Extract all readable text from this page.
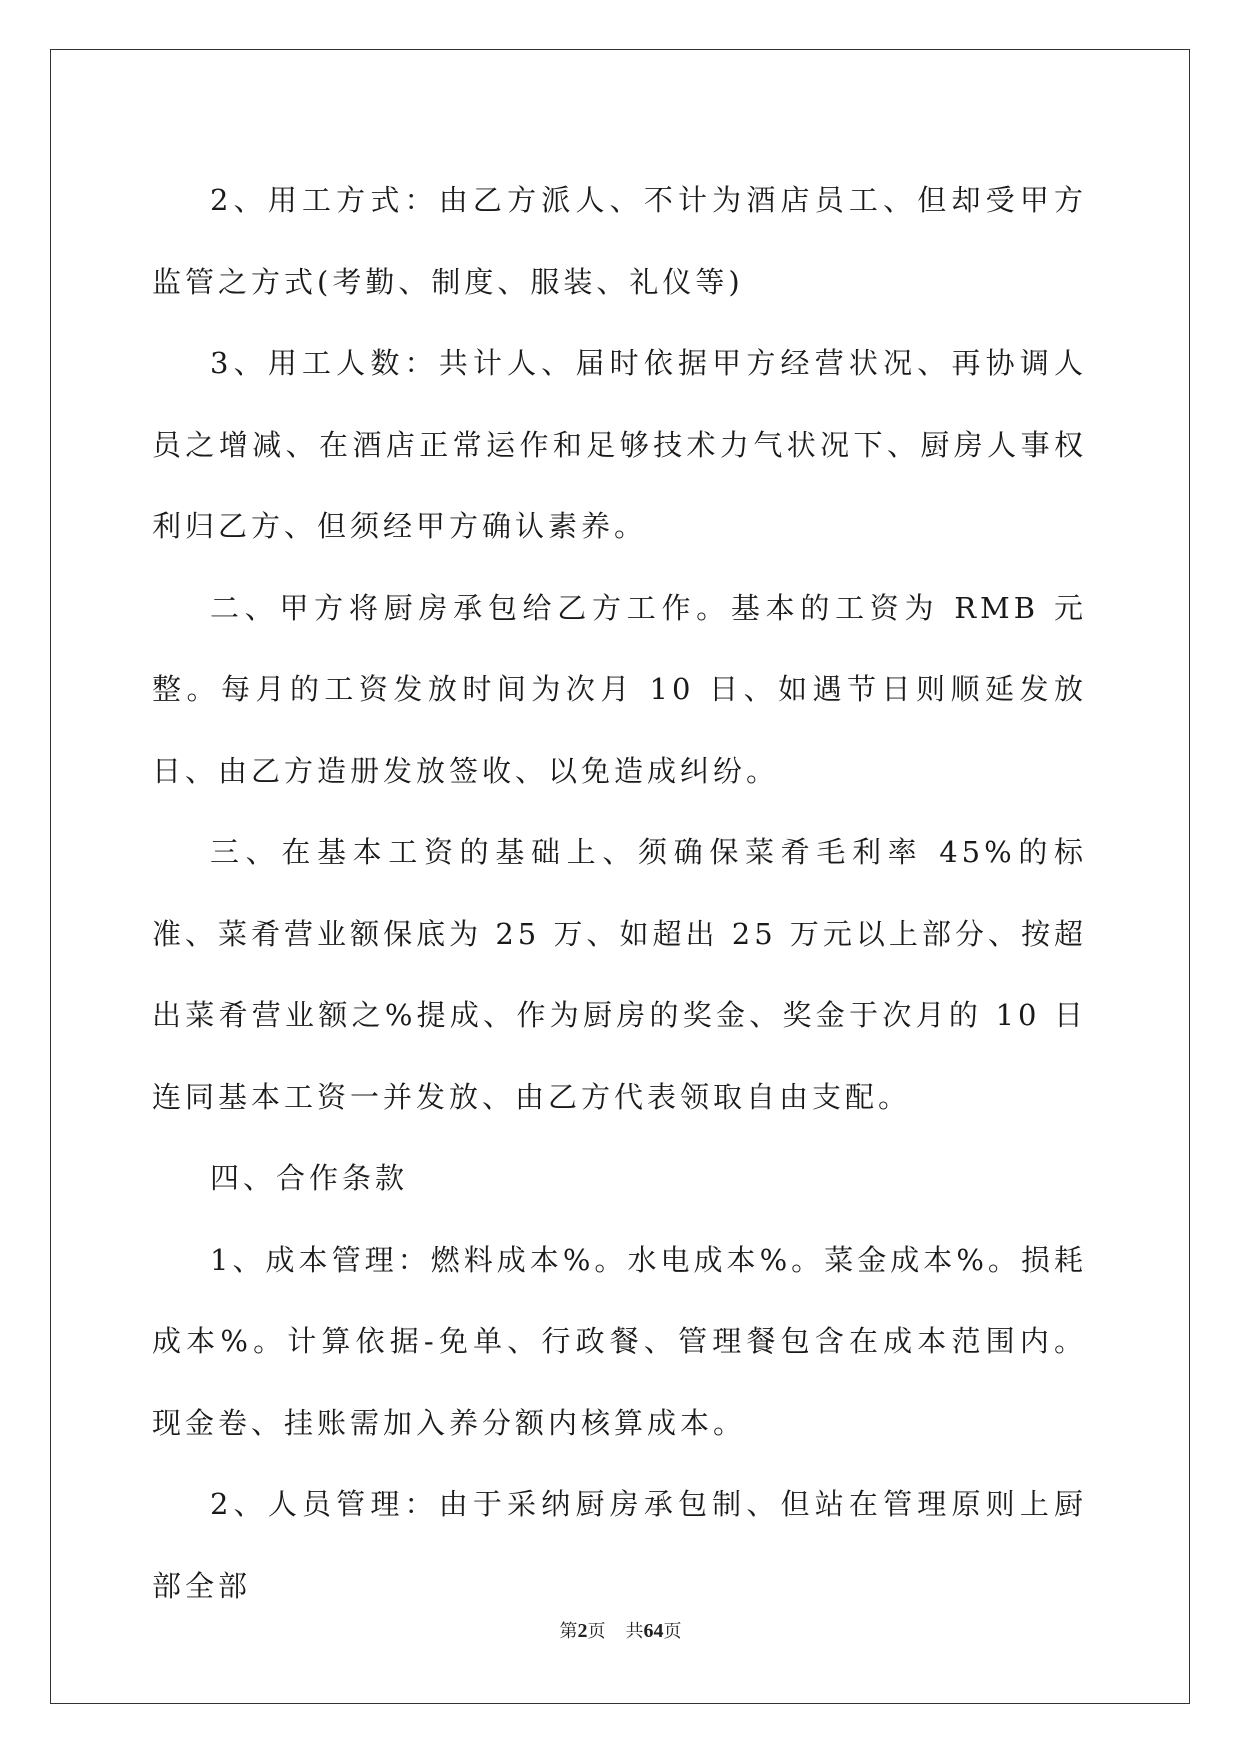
2、用工方式：由乙方派人、不计为酒店员工、但却受甲方监管之方式(考勤、制度、服装、礼仪等)

3、用工人数：共计人、届时依据甲方经营状况、再协调人员之增减、在酒店正常运作和足够技术力气状况下、厨房人事权利归乙方、但须经甲方确认素养。

二、甲方将厨房承包给乙方工作。基本的工资为 RMB 元整。每月的工资发放时间为次月 10 日、如遇节日则顺延发放日、由乙方造册发放签收、以免造成纠纷。

三、在基本工资的基础上、须确保菜肴毛利率 45%的标准、菜肴营业额保底为 25 万、如超出 25 万元以上部分、按超出菜肴营业额之%提成、作为厨房的奖金、奖金于次月的 10 日连同基本工资一并发放、由乙方代表领取自由支配。

四、合作条款

1、成本管理：燃料成本%。水电成本%。菜金成本%。损耗成本%。计算依据-免单、行政餐、管理餐包含在成本范围内。现金卷、挂账需加入养分额内核算成本。

2、人员管理：由于采纳厨房承包制、但站在管理原则上厨部全部

第2页 共64页
